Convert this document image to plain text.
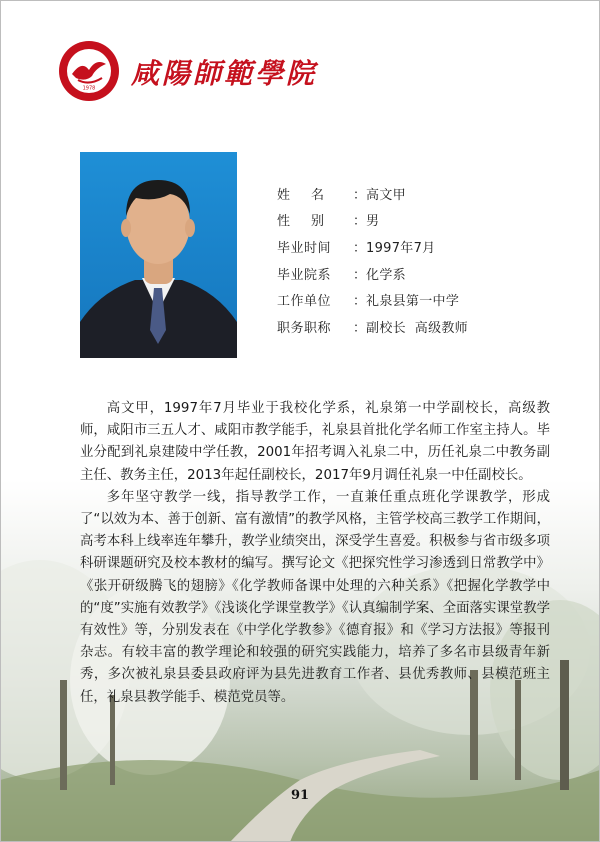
1978 咸陽師範學院
姓名 ： 高文甲
性别 ： 男
毕业时间	： 1997年7月
毕业院系	： 化学系
工作单位	： 礼泉县第一中学
职务职称	： 副校长  高级教师

高文甲，1997年7月毕业于我校化学系，礼泉第一中学副校长，高级教师，咸阳市三五人才、咸阳市教学能手，礼泉县首批化学名师工作室主持人。毕业分配到礼泉建陵中学任教，2001年招考调入礼泉二中，历任礼泉二中教务副主任、教务主任，2013年起任副校长，2017年9月调任礼泉一中任副校长。

多年坚守教学一线，指导教学工作，一直兼任重点班化学课教学，形成了“以效为本、善于创新、富有激情”的教学风格，主管学校高三教学工作期间，高考本科上线率连年攀升，教学业绩突出，深受学生喜爱。积极参与省市级多项科研课题研究及校本教材的编写。撰写论文《把探究性学习渗透到日常教学中》《张开研级腾飞的翅膀》《化学教师备课中处理的六种关系》《把握化学教学中的“度”实施有效教学》《浅谈化学课堂教学》《认真编制学案、全面落实课堂教学有效性》等，分别发表在《中学化学教参》《德育报》和《学习方法报》等报刊杂志。有较丰富的教学理论和较强的研究实践能力，培养了多名市县级青年新秀，多次被礼泉县委县政府评为县先进教育工作者、县优秀教师、县模范班主任，礼泉县教学能手、模范党员等。

91
